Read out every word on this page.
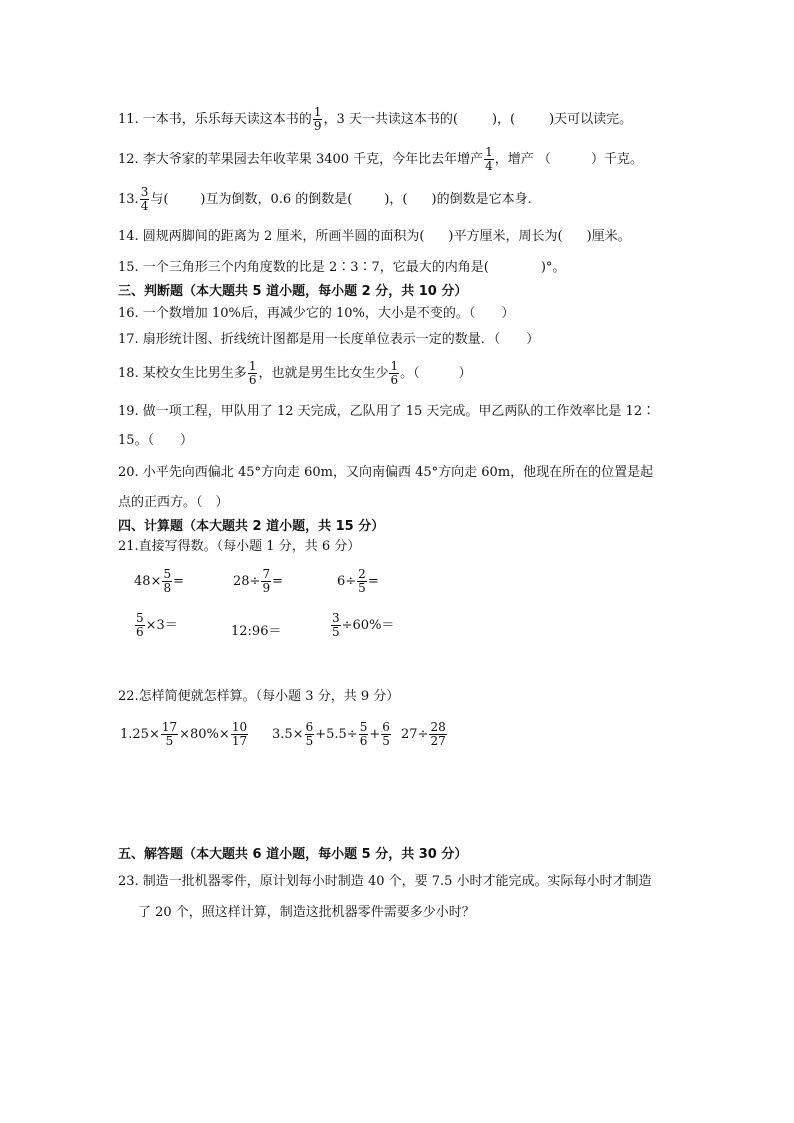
11. 一本书，乐乐每天读这本书的 $\frac{1}{9}$ ，3 天一共读这本书的(	)，(	)天可以读完。
12. 李大爷家的苹果园去年收苹果 3400 千克，今年比去年增产 $\frac{1}{4}$ ，增产 （	）千克。
13. $\frac{3}{4}$ 与( )互为倒数，0.6 的倒数是( )，( )的倒数是它本身.
14. 圆规两脚间的距离为 2 厘米，所画半圆的面积为( )平方厘米，周长为( )厘米。
15. 一个三角形三个内角度数的比是 2∶3∶7，它最大的内角是(	)°。
三、判断题（本大题共 5 道小题，每小题 2 分，共 10 分）
16. 一个数增加 10%后，再减少它的 10%，大小是不变的。（　　）
17. 扇形统计图、折线统计图都是用一长度单位表示一定的数量．（　　）
18. 某校女生比男生多 $\frac{1}{6}$ ，也就是男生比女生少 $\frac{1}{6}$ 。（　　　）
19. 做一项工程，甲队用了 12 天完成，乙队用了 15 天完成。甲乙两队的工作效率比是 12∶
15。（　　）
20. 小平先向西偏北 45°方向走 60m，又向南偏西 45°方向走 60m，他现在所在的位置是起
点的正西方。（　）
四、计算题（本大题共 2 道小题，共 15 分）
21.直接写得数。（每小题 1 分，共 6 分）
$48\times \frac{5}{8}$ =	$28\div \frac{7}{9}$ =	$6\div \frac{2}{5}$ =
$\frac{5}{6} \times 3=$	12:96＝	$\frac{3}{5} \div 60\%=$
22.怎样简便就怎样算。（每小题 3 分，共 9 分）
$1.25\times \frac{17}{5} \times 80\%\times \frac{10}{17} 3.5\times \frac{6}{5} +5.5\div \frac{5}{6} + \frac{6}{5} 27\div \frac{28}{27}$
五、解答题（本大题共 6 道小题，每小题 5 分，共 30 分）
23. 制造一批机器零件，原计划每小时制造 40 个，要 7.5 小时才能完成。实际每小时才制造
了 20 个，照这样计算，制造这批机器零件需要多少小时？
